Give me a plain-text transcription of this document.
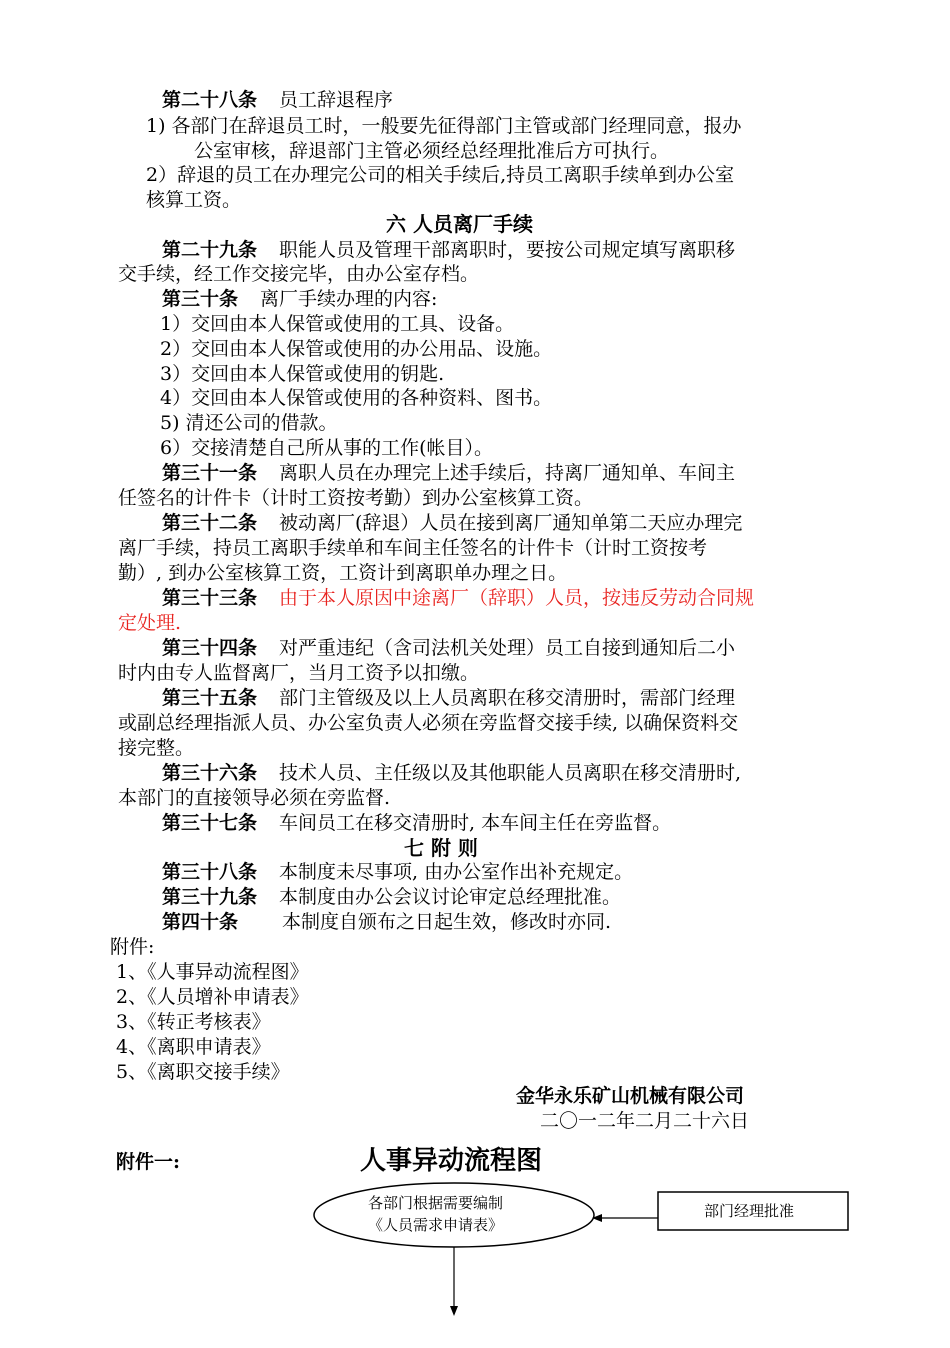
第二十八条 员工辞退程序
1) 各部门在辞退员工时，一般要先征得部门主管或部门经理同意，报办
公室审核，辞退部门主管必须经总经理批准后方可执行。
2）辞退的员工在办理完公司的相关手续后,持员工离职手续单到办公室
核算工资。
六 人员离厂手续
第二十九条 职能人员及管理干部离职时，要按公司规定填写离职移
交手续，经工作交接完毕，由办公室存档。
第三十条 离厂手续办理的内容:
1）交回由本人保管或使用的工具、设备。
2）交回由本人保管或使用的办公用品、设施。
3）交回由本人保管或使用的钥匙.
4）交回由本人保管或使用的各种资料、图书。
5) 清还公司的借款。
6）交接清楚自己所从事的工作(帐目）。
第三十一条 离职人员在办理完上述手续后，持离厂通知单、车间主
任签名的计件卡（计时工资按考勤）到办公室核算工资。
第三十二条 被动离厂(辞退）人员在接到离厂通知单第二天应办理完
离厂手续，持员工离职手续单和车间主任签名的计件卡（计时工资按考
勤）, 到办公室核算工资，工资计到离职单办理之日。
第三十三条 由于本人原因中途离厂（辞职）人员，按违反劳动合同规
定处理.
第三十四条 对严重违纪（含司法机关处理）员工自接到通知后二小
时内由专人监督离厂，当月工资予以扣缴。
第三十五条 部门主管级及以上人员离职在移交清册时，需部门经理
或副总经理指派人员、办公室负责人必须在旁监督交接手续, 以确保资料交
接完整。
第三十六条 技术人员、主任级以及其他职能人员离职在移交清册时,
本部门的直接领导必须在旁监督.
第三十七条 车间员工在移交清册时, 本车间主任在旁监督。
七 附 则
第三十八条 本制度未尽事项, 由办公室作出补充规定。
第三十九条 本制度由办公会议讨论审定总经理批准。
第四十条 本制度自颁布之日起生效，修改时亦同.
附件:
1、《人事异动流程图》
2、《人员增补申请表》
3、《转正考核表》
4、《离职申请表》
5、《离职交接手续》
金华永乐矿山机械有限公司
二〇一二年二月二十六日
附件一:	人事异动流程图
各部门根据需要编制
《人员需求申请表》
部门经理批准
